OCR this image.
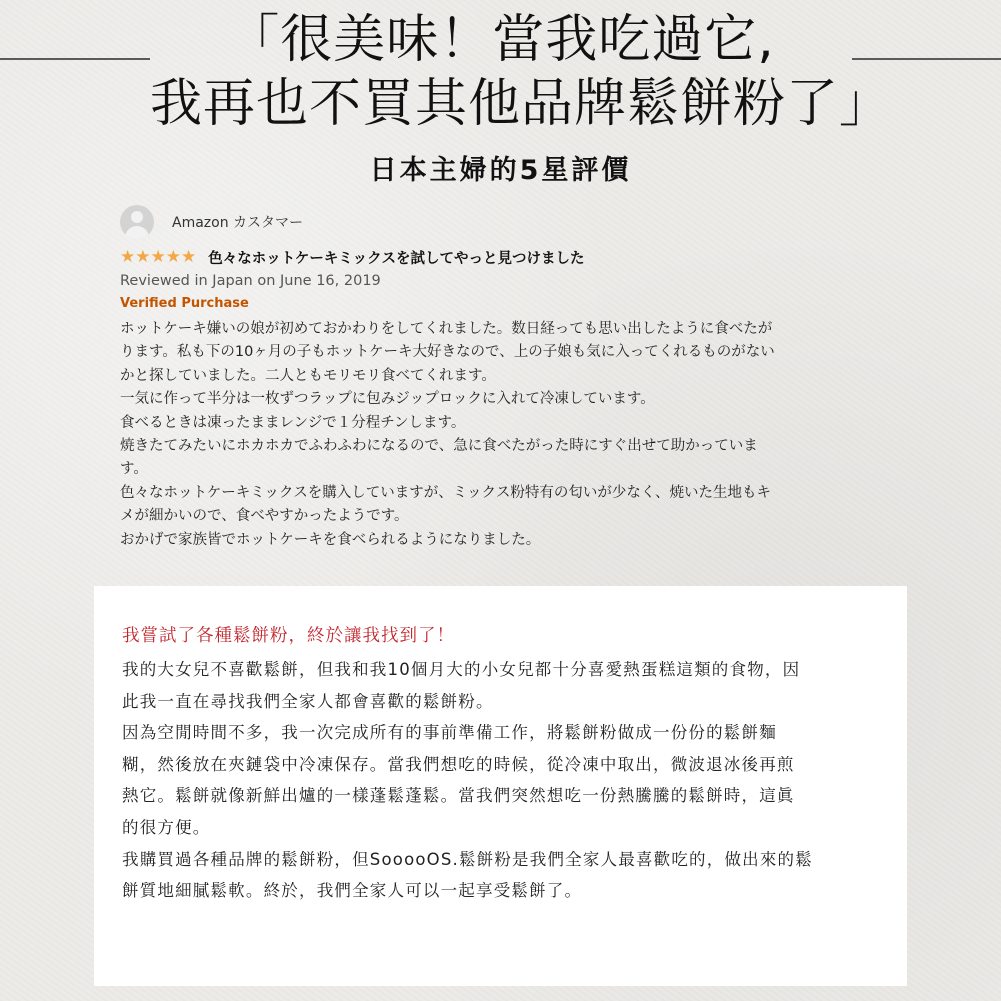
「很美味！當我吃過它,
我再也不買其他品牌鬆餅粉了」
日本主婦的5星評價
Amazon カスタマー
★★★★★ 色々なホットケーキミックスを試してやっと見つけました
Reviewed in Japan on June 16, 2019
Verified Purchase
ホットケーキ嫌いの娘が初めておかわりをしてくれました。数日経っても思い出したように食べたが
ります。私も下の10ヶ月の子もホットケーキ大好きなので、上の子娘も気に入ってくれるものがない
かと探していました。二人ともモリモリ食べてくれます。
一気に作って半分は一枚ずつラップに包みジップロックに入れて冷凍しています。
食べるときは凍ったままレンジで１分程チンします。
焼きたてみたいにホカホカでふわふわになるので、急に食べたがった時にすぐ出せて助かっていま
す。
色々なホットケーキミックスを購入していますが、ミックス粉特有の匂いが少なく、焼いた生地もキ
メが細かいので、食べやすかったようです。
おかげで家族皆でホットケーキを食べられるようになりました。
我嘗試了各種鬆餅粉，終於讓我找到了！
我的大女兒不喜歡鬆餅，但我和我10個月大的小女兒都十分喜愛熱蛋糕這類的食物，因
此我一直在尋找我們全家人都會喜歡的鬆餅粉。
因為空閒時間不多，我一次完成所有的事前準備工作，將鬆餅粉做成一份份的鬆餅麵
糊，然後放在夾鏈袋中冷凍保存。當我們想吃的時候，從冷凍中取出，微波退冰後再煎
熱它。鬆餅就像新鮮出爐的一樣蓬鬆蓬鬆。當我們突然想吃一份熱騰騰的鬆餅時，這眞
的很方便。
我購買過各種品牌的鬆餅粉，但SooooOS.鬆餅粉是我們全家人最喜歡吃的，做出來的鬆
餅質地細膩鬆軟。終於，我們全家人可以一起享受鬆餅了。
